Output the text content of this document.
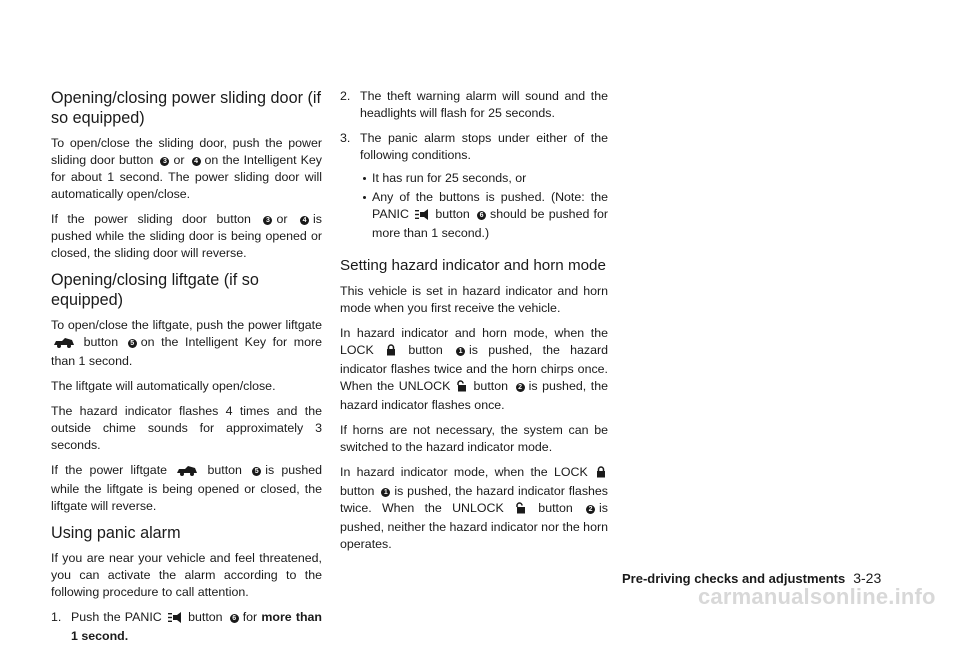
Opening/closing power sliding door (if so equipped)

To open/close the sliding door, push the power sliding door button 3 or 4 on the Intelligent Key for about 1 second. The power sliding door will automatically open/close.

If the power sliding door button 3 or 4 is pushed while the sliding door is being opened or closed, the sliding door will reverse.

Opening/closing liftgate (if so equipped)

To open/close the liftgate, push the power liftgate  button 5 on the Intelligent Key for more than 1 second.

The liftgate will automatically open/close.

The hazard indicator flashes 4 times and the outside chime sounds for approximately 3 seconds.

If the power liftgate	button 5 is pushed while the liftgate is being opened or closed, the liftgate will reverse.

Using panic alarm

If you are near your vehicle and feel threatened, you can activate the alarm according to the following procedure to call attention.

1. Push the PANIC button 6 for more than 1 second.
2. The theft warning alarm will sound and the headlights will flash for 25 seconds.
3. The panic alarm stops under either of the following conditions.
It has run for 25 seconds, or
Any of the buttons is pushed. (Note: the PANIC button 6 should be pushed for more than 1 second.)
Setting hazard indicator and horn mode

This vehicle is set in hazard indicator and horn mode when you first receive the vehicle.

In hazard indicator and horn mode, when the LOCK	button 1 is pushed, the hazard indicator flashes twice and the horn chirps once. When the UNLOCK button 2 is pushed, the hazard indicator flashes once.

If horns are not necessary, the system can be switched to the hazard indicator mode.

In hazard indicator mode, when the LOCK  button 1 is pushed, the hazard indicator flashes twice. When the UNLOCK	button 2 is pushed, neither the hazard indicator nor the horn operates.

Pre-driving checks and adjustments 3-23
carmanualsonline.info
